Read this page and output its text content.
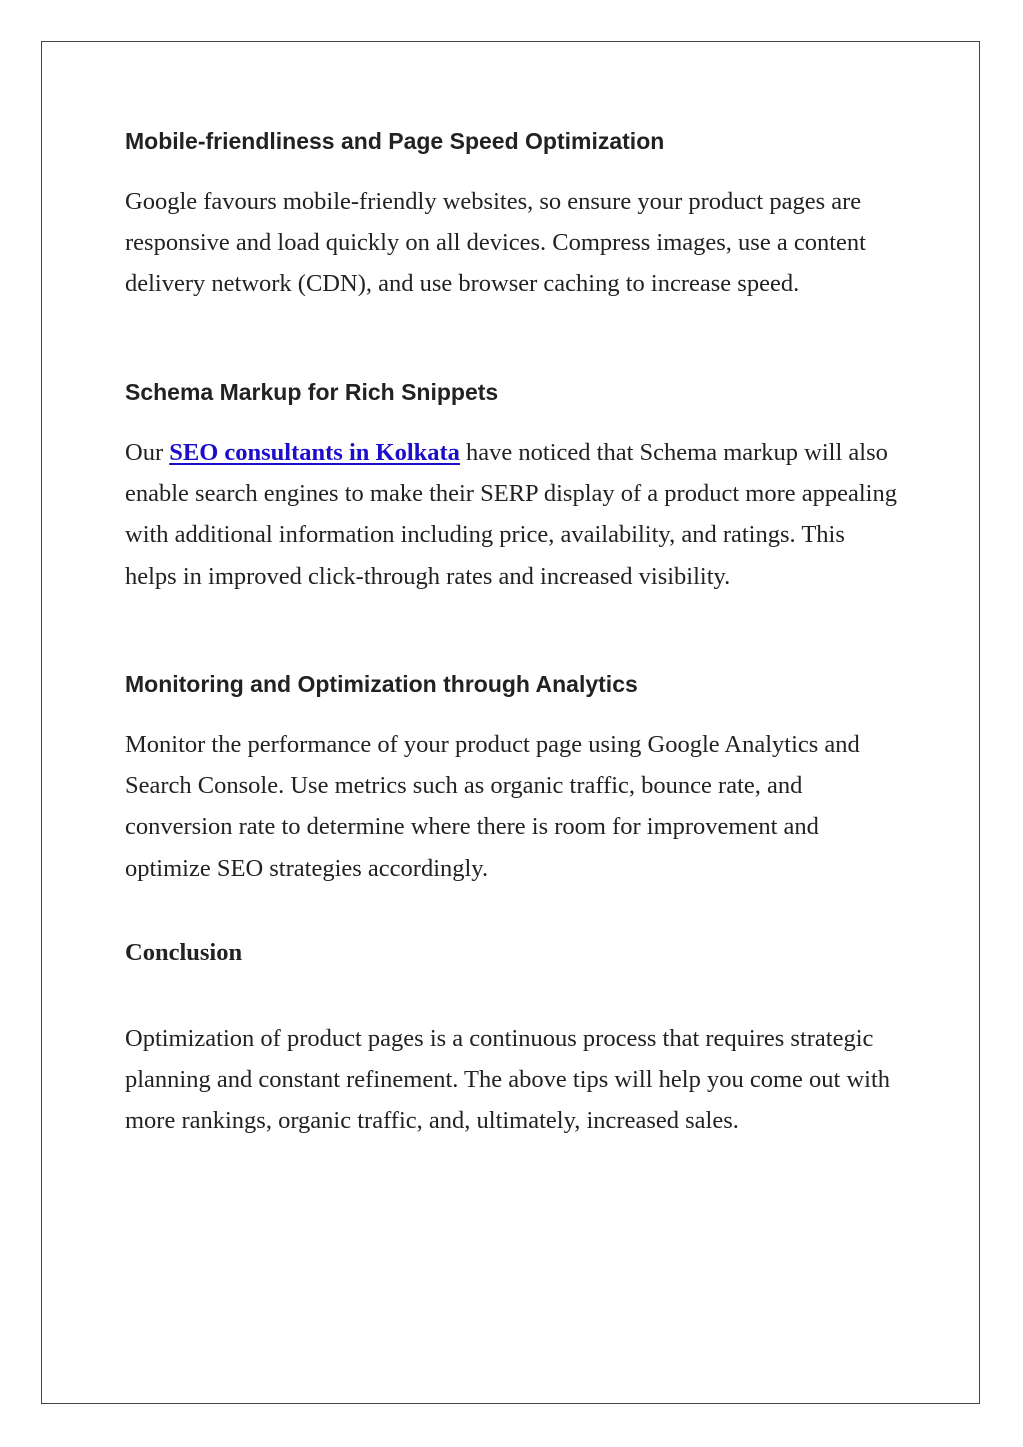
Mobile-friendliness and Page Speed Optimization

Google favours mobile-friendly websites, so ensure your product pages are responsive and load quickly on all devices. Compress images, use a content delivery network (CDN), and use browser caching to increase speed.

Schema Markup for Rich Snippets

Our SEO consultants in Kolkata have noticed that Schema markup will also enable search engines to make their SERP display of a product more appealing with additional information including price, availability, and ratings. This helps in improved click-through rates and increased visibility.

Monitoring and Optimization through Analytics

Monitor the performance of your product page using Google Analytics and Search Console. Use metrics such as organic traffic, bounce rate, and conversion rate to determine where there is room for improvement and optimize SEO strategies accordingly.

Conclusion

Optimization of product pages is a continuous process that requires strategic planning and constant refinement. The above tips will help you come out with more rankings, organic traffic, and, ultimately, increased sales.
